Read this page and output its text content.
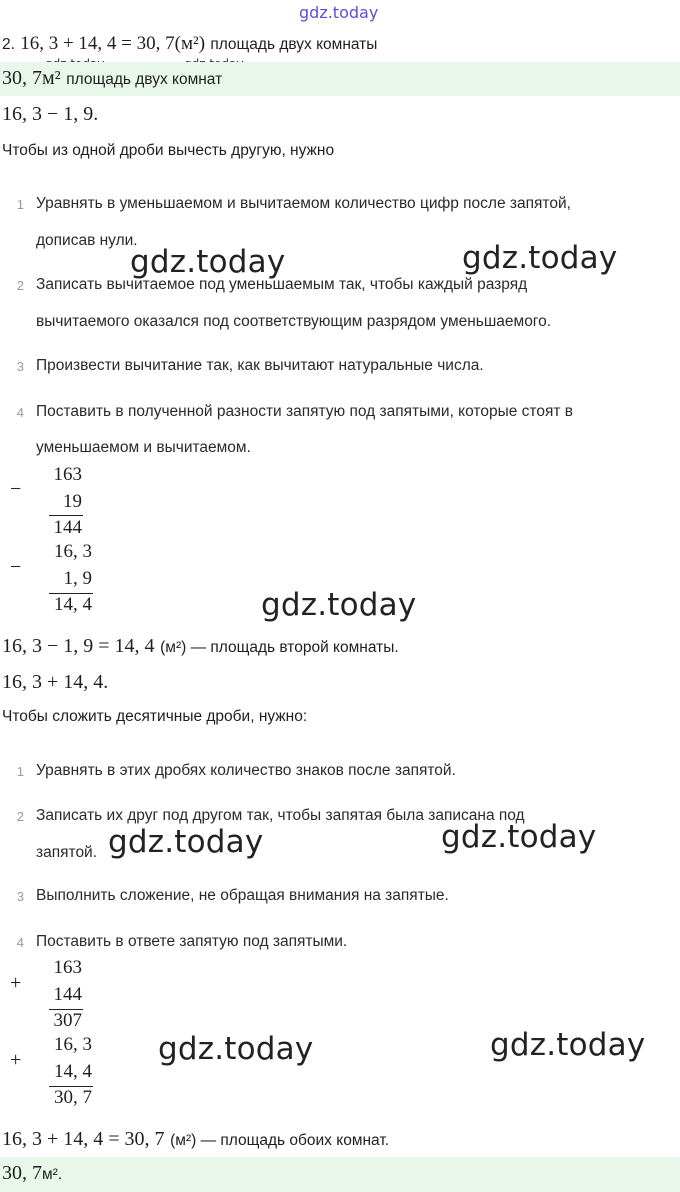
gdz.today
2. 16, 3 + 14, 4 = 30, 7(м²) площадь двух комнаты
30, 7м² площадь двух комнат
16, 3 − 1, 9.
Чтобы из одной дроби вычесть другую, нужно
1 Уравнять в уменьшаемом и вычитаемом количество цифр после запятой,
дописав нули.
2 Записать вычитаемое под уменьшаемым так, чтобы каждый разряд
вычитаемого оказался под соответствующим разрядом уменьшаемого.
3 Произвести вычитание так, как вычитают натуральные числа.
4 Поставить в полученной разности запятую под запятыми, которые стоят в
уменьшаемом и вычитаемом.
gdz.today	gdz.today
−
163
19
144
−
16, 3
1, 9
14, 4	gdz.today
16, 3 − 1, 9 = 14, 4 (м²) — площадь второй комнаты.
16, 3 + 14, 4.
Чтобы сложить десятичные дроби, нужно:
1 Уравнять в этих дробях количество знаков после запятой.
2 Записать их друг под другом так, чтобы запятая была записана под
запятой.
3 Выполнить сложение, не обращая внимания на запятые.
4 Поставить в ответе запятую под запятыми.
gdz.today	gdz.today
+
163
144
307
+
16, 3
14, 4
30, 7
gdz.today	gdz.today
16, 3 + 14, 4 = 30, 7 (м²) — площадь обоих комнат.
30, 7м².
